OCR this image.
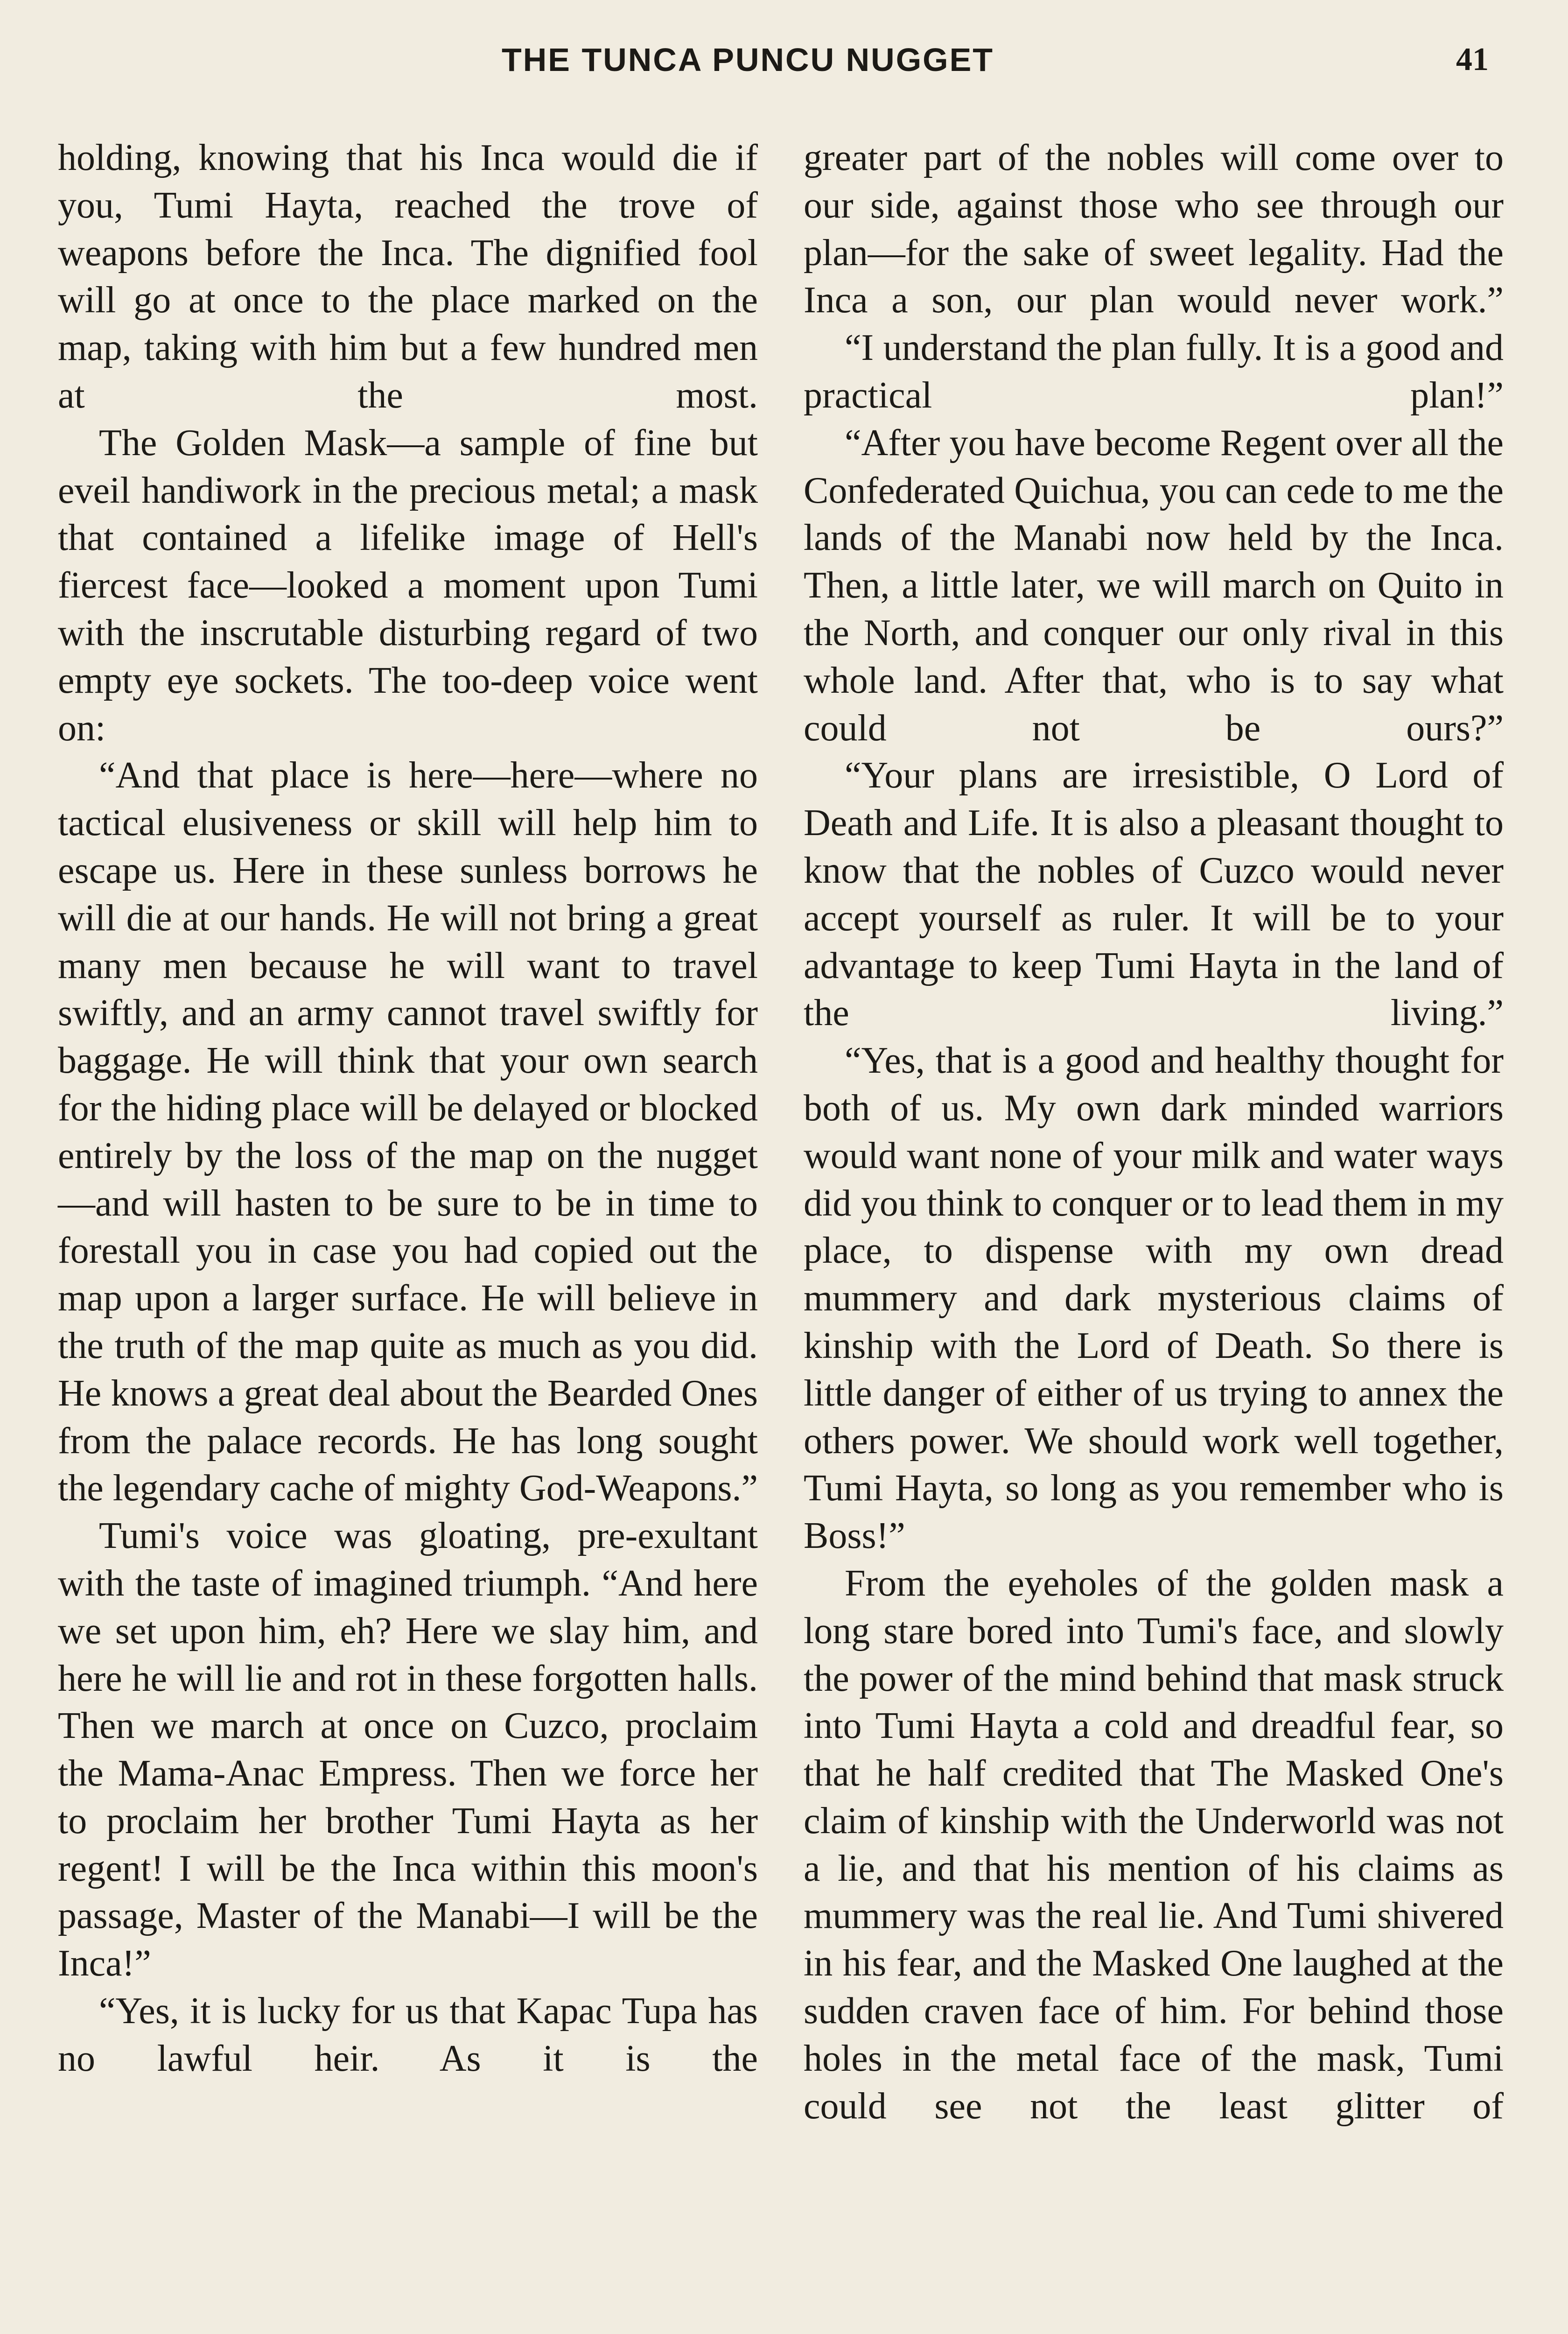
THE TUNCA PUNCU NUGGET	41

holding, knowing that his Inca would die if you, Tumi Hayta, reached the trove of weapons before the Inca. The dignified fool will go at once to the place marked on the map, taking with him but a few hundred men at the most.

The Golden Mask—a sample of fine but eveil handiwork in the precious metal; a mask that contained a lifelike image of Hell's fiercest face—looked a moment upon Tumi with the inscrutable disturbing regard of two empty eye sockets. The too-deep voice went on:

“And that place is here—here—where no tactical elusiveness or skill will help him to escape us. Here in these sunless borrows he will die at our hands. He will not bring a great many men because he will want to travel swiftly, and an army cannot travel swiftly for baggage. He will think that your own search for the hiding place will be delayed or blocked entirely by the loss of the map on the nugget—and will hasten to be sure to be in time to forestall you in case you had copied out the map upon a larger surface. He will believe in the truth of the map quite as much as you did. He knows a great deal about the Bearded Ones from the palace records. He has long sought the legendary cache of mighty God-Weapons.”

Tumi's voice was gloating, pre-exultant with the taste of imagined triumph. “And here we set upon him, eh? Here we slay him, and here he will lie and rot in these forgotten halls. Then we march at once on Cuzco, proclaim the Mama-Anac Empress. Then we force her to proclaim her brother Tumi Hayta as her regent! I will be the Inca within this moon's passage, Master of the Manabi—I will be the Inca!”

“Yes, it is lucky for us that Kapac Tupa has no lawful heir. As it is the

greater part of the nobles will come over to our side, against those who see through our plan—for the sake of sweet legality. Had the Inca a son, our plan would never work.”

“I understand the plan fully. It is a good and practical plan!”

“After you have become Regent over all the Confederated Quichua, you can cede to me the lands of the Manabi now held by the Inca. Then, a little later, we will march on Quito in the North, and conquer our only rival in this whole land. After that, who is to say what could not be ours?”

“Your plans are irresistible, O Lord of Death and Life. It is also a pleasant thought to know that the nobles of Cuzco would never accept yourself as ruler. It will be to your advantage to keep Tumi Hayta in the land of the living.”

“Yes, that is a good and healthy thought for both of us. My own dark minded warriors would want none of your milk and water ways did you think to conquer or to lead them in my place, to dispense with my own dread mummery and dark mysterious claims of kinship with the Lord of Death. So there is little danger of either of us trying to annex the others power. We should work well together, Tumi Hayta, so long as you remember who is Boss!”

From the eyeholes of the golden mask a long stare bored into Tumi's face, and slowly the power of the mind behind that mask struck into Tumi Hayta a cold and dreadful fear, so that he half credited that The Masked One's claim of kinship with the Underworld was not a lie, and that his mention of his claims as mummery was the real lie. And Tumi shivered in his fear, and the Masked One laughed at the sudden craven face of him. For behind those holes in the metal face of the mask, Tumi could see not the least glitter of
